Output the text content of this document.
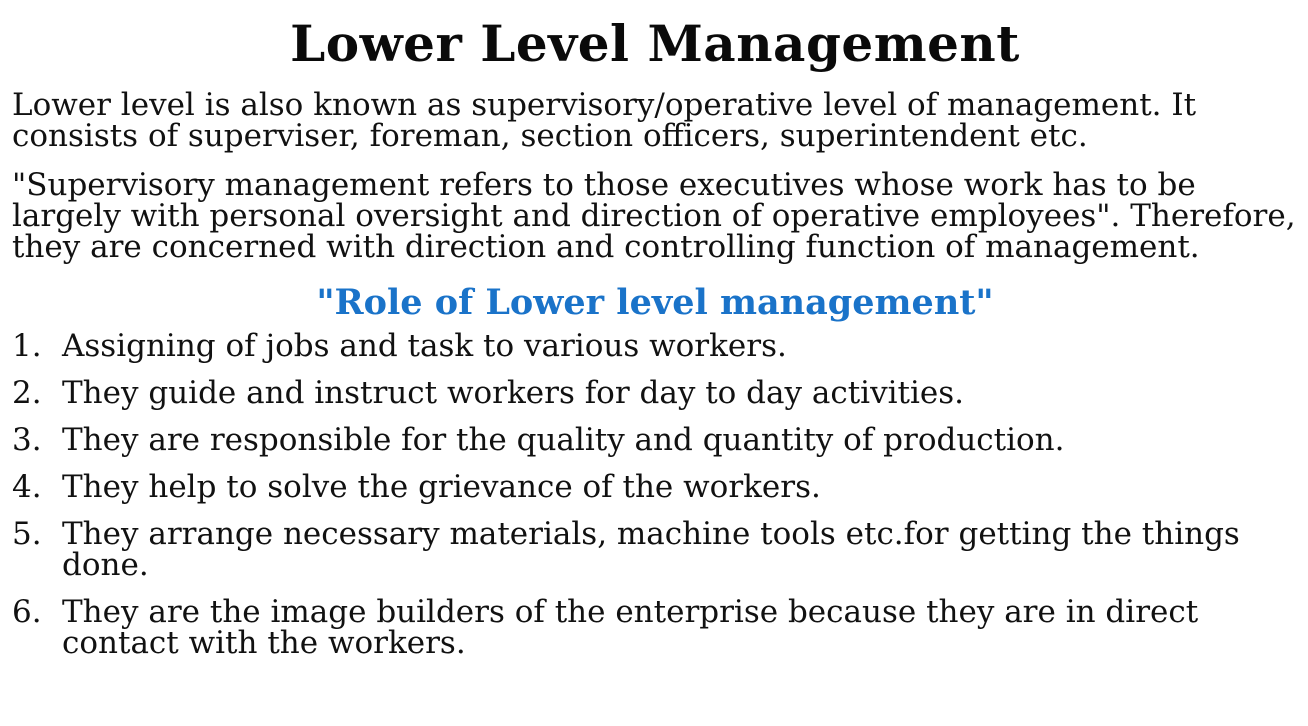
Lower Level Management

Lower level is also known as supervisory/operative level of management. It consists of superviser, foreman, section officers, superintendent etc.

"Supervisory management refers to those executives whose work has to be largely with personal oversight and direction of operative employees". Therefore, they are concerned with direction and controlling function of management.

"Role of Lower level management"
1. Assigning of jobs and task to various workers.
2. They guide and instruct workers for day to day activities.
3. They are responsible for the quality and quantity of production.
4. They help to solve the grievance of the workers.
5. They arrange necessary materials, machine tools etc.for getting the things done.
6. They are the image builders of the enterprise because they are in direct contact with the workers.
